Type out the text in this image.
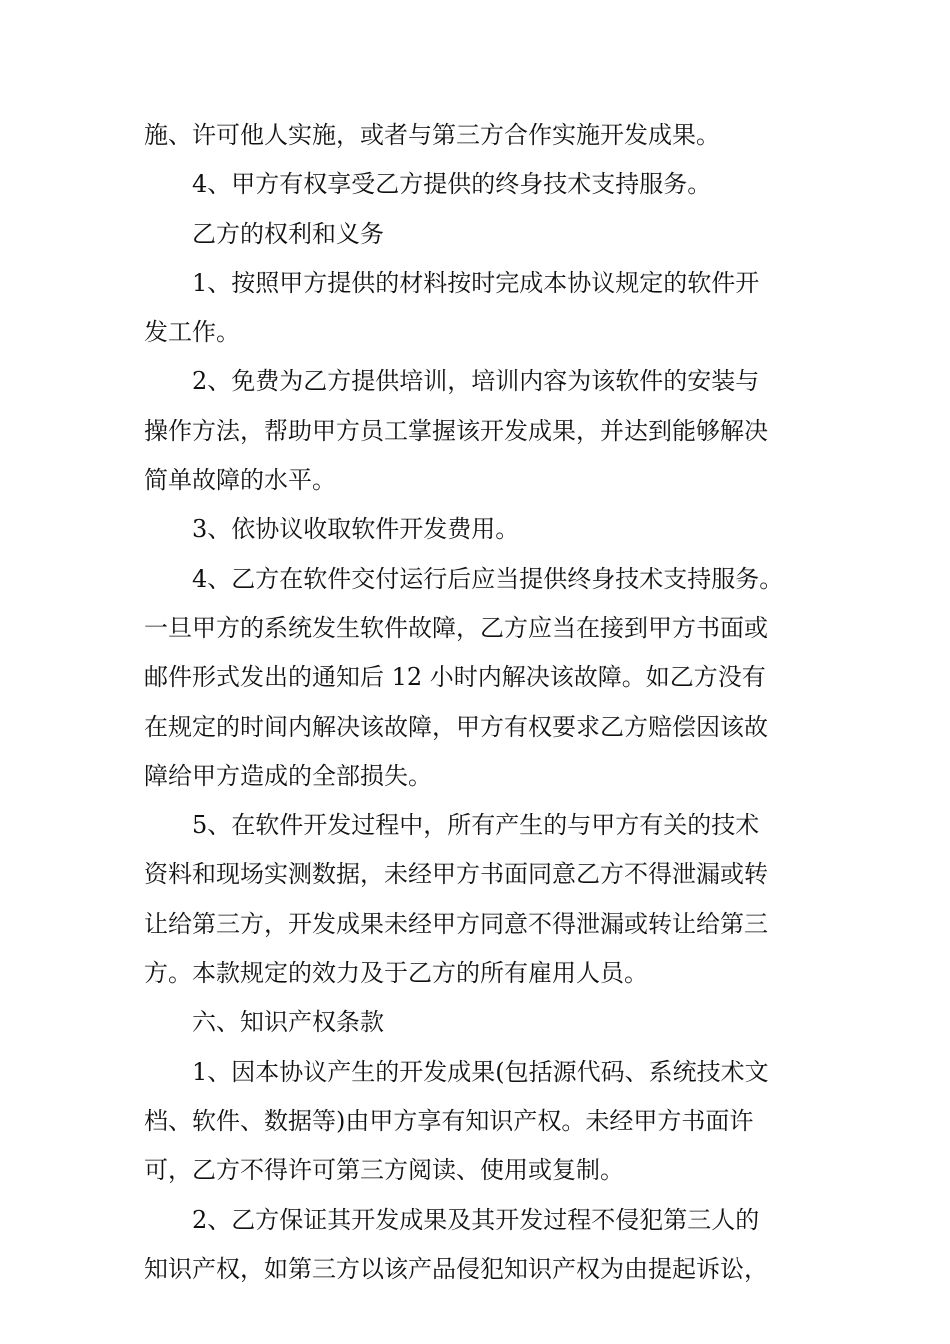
施、许可他人实施，或者与第三方合作实施开发成果。
4、甲方有权享受乙方提供的终身技术支持服务。
乙方的权利和义务
1、按照甲方提供的材料按时完成本协议规定的软件开
发工作。
2、免费为乙方提供培训，培训内容为该软件的安装与
操作方法，帮助甲方员工掌握该开发成果，并达到能够解决
简单故障的水平。
3、依协议收取软件开发费用。
4、乙方在软件交付运行后应当提供终身技术支持服务。
一旦甲方的系统发生软件故障，乙方应当在接到甲方书面或
邮件形式发出的通知后 12 小时内解决该故障。如乙方没有
在规定的时间内解决该故障，甲方有权要求乙方赔偿因该故
障给甲方造成的全部损失。
5、在软件开发过程中，所有产生的与甲方有关的技术
资料和现场实测数据，未经甲方书面同意乙方不得泄漏或转
让给第三方，开发成果未经甲方同意不得泄漏或转让给第三
方。本款规定的效力及于乙方的所有雇用人员。
六、知识产权条款
1、因本协议产生的开发成果(包括源代码、系统技术文
档、软件、数据等)由甲方享有知识产权。未经甲方书面许
可，乙方不得许可第三方阅读、使用或复制。
2、乙方保证其开发成果及其开发过程不侵犯第三人的
知识产权，如第三方以该产品侵犯知识产权为由提起诉讼，
